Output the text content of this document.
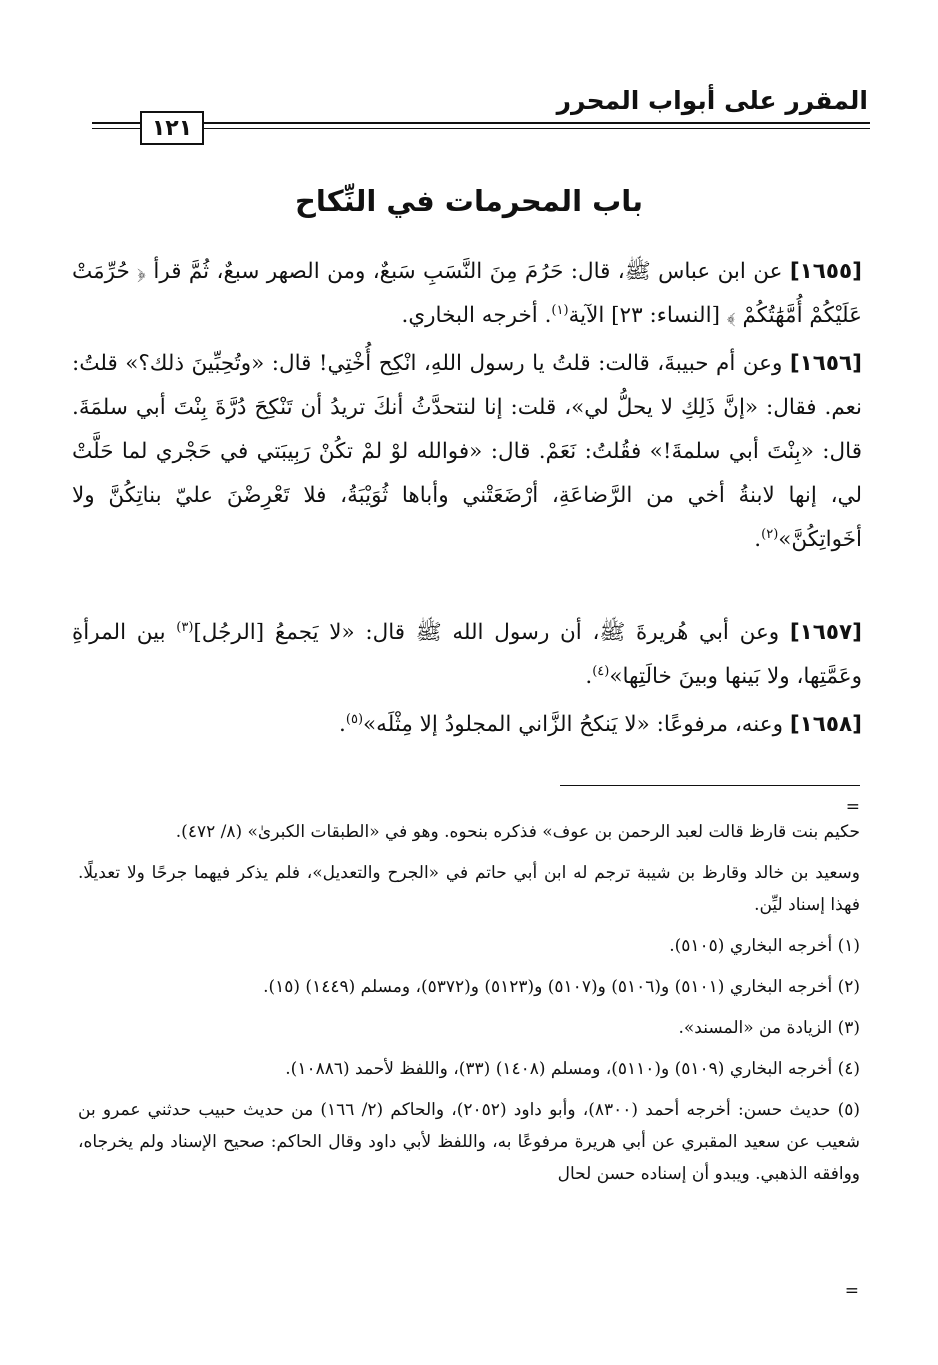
المقرر على أبواب المحرر
١٢١
باب المحرمات في النِّكاح
[١٦٥٥] عن ابن عباس ﷺ، قال: حَرُمَ مِنَ النَّسَبِ سَبعٌ، ومن الصهر سبعٌ، ثُمَّ قرأ ﴿ حُرِّمَتْ عَلَيْكُمْ أُمَّهَٰتُكُمْ ﴾ [النساء: ٢٣] الآية$^{(١)}$. أخرجه البخاري.
[١٦٥٦] وعن أم حبيبةَ، قالت: قلتُ يا رسول اللهِ، انْكِح أُخْتِي! قال: «وتُحِبِّينَ ذلك؟» قلتُ: نعم. فقال: «إنَّ ذَلِكِ لا يحلُّ لي»، قلت: إنا لنتحدَّثُ أنكَ تريدُ أن تَنْكِحَ دُرَّةَ بِنْتَ أبي سلمَةَ. قال: «بِنْتَ أبي سلمةَ!» فقُلتُ: نَعَمْ. قال: «فوالله لوْ لمْ تكُنْ رَبِيبَتي في حَجْري لما حَلَّتْ لي، إنها لابنةُ أخي من الرَّضاعَةِ، أرْضَعَتْني وأباها ثُوَيْبَةُ، فلا تَعْرِضْنَ عليّ بناتِكُنَّ ولا أخَواتِكُنَّ»$^{(٢)}$.
[١٦٥٧] وعن أبي هُريرةَ ﷺ، أن رسول الله ﷺ قال: «لا يَجمعُ [الرجُل]$^{(٣)}$ بين المرأةِ وعَمَّتِها، ولا بَينها وبينَ خالَتِها»$^{(٤)}$.
[١٦٥٨] وعنه، مرفوعًا: «لا يَنكحُ الزَّاني المجلودُ إلا مِثْلَه»$^{(٥)}$.
=

حكيم بنت قارظ قالت لعبد الرحمن بن عوف» فذكره بنحوه. وهو في «الطبقات الكبرىٰ» (٨/ ٤٧٢).

وسعيد بن خالد وقارظ بن شيبة ترجم له ابن أبي حاتم في «الجرح والتعديل»، فلم يذكر فيهما جرحًا ولا تعديلًا. فهذا إسناد ليِّن.

(١) أخرجه البخاري (٥١٠٥).

(٢) أخرجه البخاري (٥١٠١) و(٥١٠٦) و(٥١٠٧) و(٥١٢٣) و(٥٣٧٢)، ومسلم (١٤٤٩) (١٥).

(٣) الزيادة من «المسند».

(٤) أخرجه البخاري (٥١٠٩) و(٥١١٠)، ومسلم (١٤٠٨) (٣٣)، واللفظ لأحمد (١٠٨٨٦).

(٥) حديث حسن: أخرجه أحمد (٨٣٠٠)، وأبو داود (٢٠٥٢)، والحاكم (٢/ ١٦٦) من حديث حبيب حدثني عمرو بن شعيب عن سعيد المقبري عن أبي هريرة مرفوعًا به، واللفظ لأبي داود وقال الحاكم: صحيح الإسناد ولم يخرجاه، ووافقه الذهبي. ويبدو أن إسناده حسن لحال

=
